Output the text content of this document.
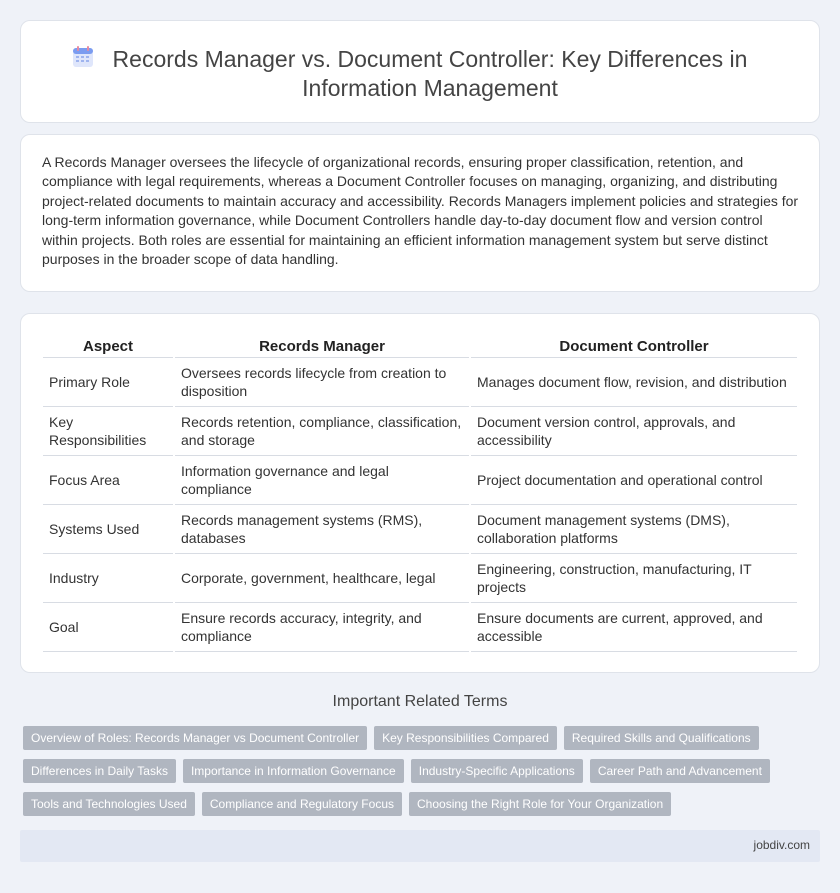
Records Manager vs. Document Controller: Key Differences in Information Management

A Records Manager oversees the lifecycle of organizational records, ensuring proper classification, retention, and compliance with legal requirements, whereas a Document Controller focuses on managing, organizing, and distributing project-related documents to maintain accuracy and accessibility. Records Managers implement policies and strategies for long-term information governance, while Document Controllers handle day-to-day document flow and version control within projects. Both roles are essential for maintaining an efficient information management system but serve distinct purposes in the broader scope of data handling.

Aspect	Records Manager	Document Controller
Primary Role	Oversees records lifecycle from creation to disposition	Manages document flow, revision, and distribution
Key Responsibilities	Records retention, compliance, classification, and storage	Document version control, approvals, and accessibility
Focus Area	Information governance and legal compliance	Project documentation and operational control
Systems Used	Records management systems (RMS), databases	Document management systems (DMS), collaboration platforms
Industry	Corporate, government, healthcare, legal	Engineering, construction, manufacturing, IT projects
Goal	Ensure records accuracy, integrity, and compliance	Ensure documents are current, approved, and accessible
Important Related Terms
Overview of Roles: Records Manager vs Document Controller	Key Responsibilities Compared	Required Skills and Qualifications
Differences in Daily Tasks	Importance in Information Governance	Industry-Specific Applications	Career Path and Advancement
Tools and Technologies Used	Compliance and Regulatory Focus	Choosing the Right Role for Your Organization
jobdiv.com
